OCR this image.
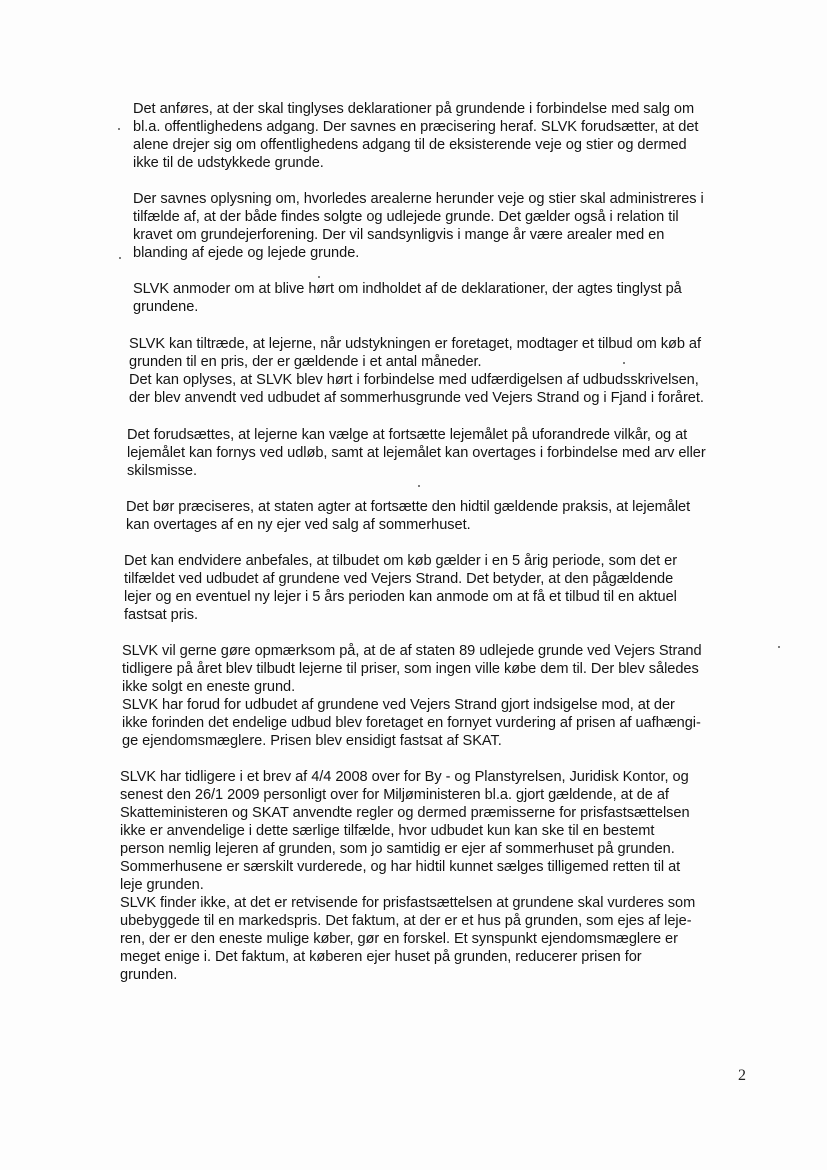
Det anføres, at der skal tinglyses deklarationer på grundende i forbindelse med salg om
bl.a. offentlighedens adgang. Der savnes en præcisering heraf. SLVK forudsætter, at det
alene drejer sig om offentlighedens adgang til de eksisterende veje og stier og dermed
ikke til de udstykkede grunde.
Der savnes oplysning om, hvorledes arealerne herunder veje og stier skal administreres i
tilfælde af, at der både findes solgte og udlejede grunde. Det gælder også i relation til
kravet om grundejerforening. Der vil sandsynligvis i mange år være arealer med en
blanding af ejede og lejede grunde.
SLVK anmoder om at blive hørt om indholdet af de deklarationer, der agtes tinglyst på
grundene.
SLVK kan tiltræde, at lejerne, når udstykningen er foretaget, modtager et tilbud om køb af
grunden til en pris, der er gældende i et antal måneder.
Det kan oplyses, at SLVK blev hørt i forbindelse med udfærdigelsen af udbudsskrivelsen,
der blev anvendt ved udbudet af sommerhusgrunde ved Vejers Strand og i Fjand i foråret.
Det forudsættes, at lejerne kan vælge at fortsætte lejemålet på uforandrede vilkår, og at
lejemålet kan fornys ved udløb, samt at lejemålet kan overtages i forbindelse med arv eller
skilsmisse.
Det bør præciseres, at staten agter at fortsætte den hidtil gældende praksis, at lejemålet
kan overtages af en ny ejer ved salg af sommerhuset.
Det kan endvidere anbefales, at tilbudet om køb gælder i en 5 årig periode, som det er
tilfældet ved udbudet af grundene ved Vejers Strand. Det betyder, at den pågældende
lejer og en eventuel ny lejer i 5 års perioden kan anmode om at få et tilbud til en aktuel
fastsat pris.
SLVK vil gerne gøre opmærksom på, at de af staten 89 udlejede grunde ved Vejers Strand
tidligere på året blev tilbudt lejerne til priser, som ingen ville købe dem til. Der blev således
ikke solgt en eneste grund.
SLVK har forud for udbudet af grundene ved Vejers Strand gjort indsigelse mod, at der
ikke forinden det endelige udbud blev foretaget en fornyet vurdering af prisen af uafhængi-
ge ejendomsmæglere. Prisen blev ensidigt fastsat af SKAT.
SLVK har tidligere i et brev af 4/4 2008 over for By - og Planstyrelsen, Juridisk Kontor, og
senest den 26/1 2009 personligt over for Miljøministeren bl.a. gjort gældende, at de af
Skatteministeren og SKAT anvendte regler og dermed præmisserne for prisfastsættelsen
ikke er anvendelige i dette særlige tilfælde, hvor udbudet kun kan ske til en bestemt
person nemlig lejeren af grunden, som jo samtidig er ejer af sommerhuset på grunden.
Sommerhusene er særskilt vurderede, og har hidtil kunnet sælges tilligemed retten til at
leje grunden.
SLVK finder ikke, at det er retvisende for prisfastsættelsen at grundene skal vurderes som
ubebyggede til en markedspris. Det faktum, at der er et hus på grunden, som ejes af leje-
ren, der er den eneste mulige køber, gør en forskel. Et synspunkt ejendomsmæglere er
meget enige i. Det faktum, at køberen ejer huset på grunden, reducerer prisen for
grunden.
2
